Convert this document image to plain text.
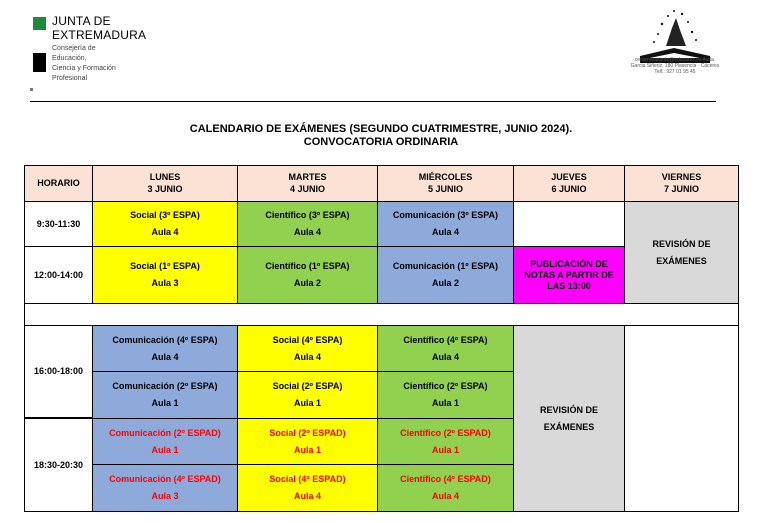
JUNTA DE
EXTREMADURA
Consejería de Educación,
Ciencia y Formación
Profesional
ceoamarazbote@educarex.es Avda. Garcia Siñeriz, 180 Plasencia · Cáceres Telf.: 927 01 95 45
CALENDARIO DE EXÁMENES (SEGUNDO CUATRIMESTRE, JUNIO 2024).
CONVOCATORIA ORDINARIA
HORARIO
LUNES
3 JUNIO
MARTES
4 JUNIO
MIÉRCOLES
5 JUNIO
JUEVES
6 JUNIO
VIERNES
7 JUNIO
9:30-11:30
Social (3º ESPA)
Aula 4
Científico (3º ESPA)
Aula 4
Comunicación (3º ESPA)
Aula 4
REVISIÓN DE
EXÁMENES
12:00-14:00
Social (1º ESPA)
Aula 3
Científico (1º ESPA)
Aula 2
Comunicación (1º ESPA)
Aula 2
PUBLICACIÓN DE NOTAS A PARTIR DE LAS 13:00
16:00-18:00
Comunicación (4º ESPA)
Aula 4
Social (4º ESPA)
Aula 4
Científico (4º ESPA)
Aula 4
REVISIÓN DE
EXÁMENES
Comunicación (2º ESPA)
Aula 1
Social (2º ESPA)
Aula 1
Científico (2º ESPA)
Aula 1
18:30-20:30
Comunicación (2º ESPAD)
Aula 1
Social (2º ESPAD)
Aula 1
Científico (2º ESPAD)
Aula 1
Comunicación (4º ESPAD)
Aula 3
Social (4º ESPAD)
Aula 4
Científico (4º ESPAD)
Aula 4
